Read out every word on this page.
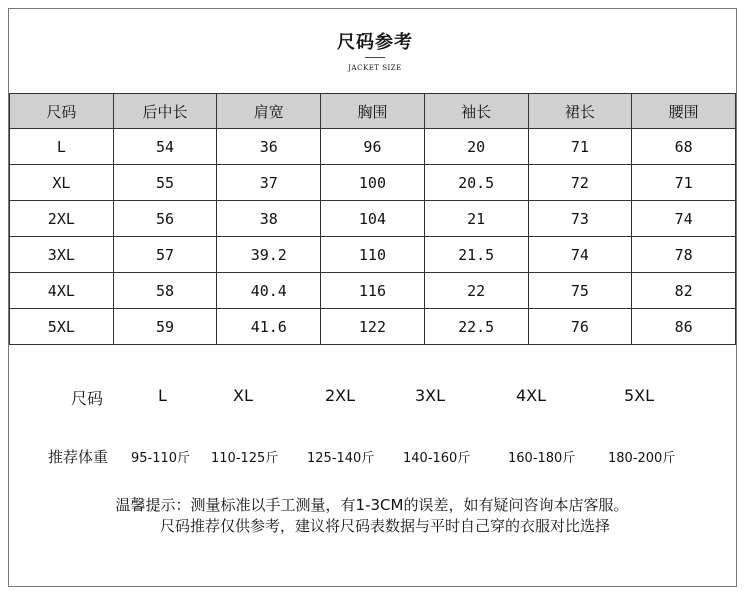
尺码参考
JACKET SIZE
尺码	后中长	肩宽	胸围	袖长	裙长	腰围
L	54	36	96	20	71	68
XL	55	37	100	20.5	72	71
2XL	56	38	104	21	73	74
3XL	57	39.2	110	21.5	74	78
4XL	58	40.4	116	22	75	82
5XL	59	41.6	122	22.5	76	86
尺码	L	XL	2XL	3XL	4XL	5XL
推荐体重 95-110斤 110-125斤 125-140斤 140-160斤	160-180斤	180-200斤
温馨提示：测量标准以手工测量，有1-3CM的误差，如有疑问咨询本店客服。
尺码推荐仅供参考，建议将尺码表数据与平时自己穿的衣服对比选择
